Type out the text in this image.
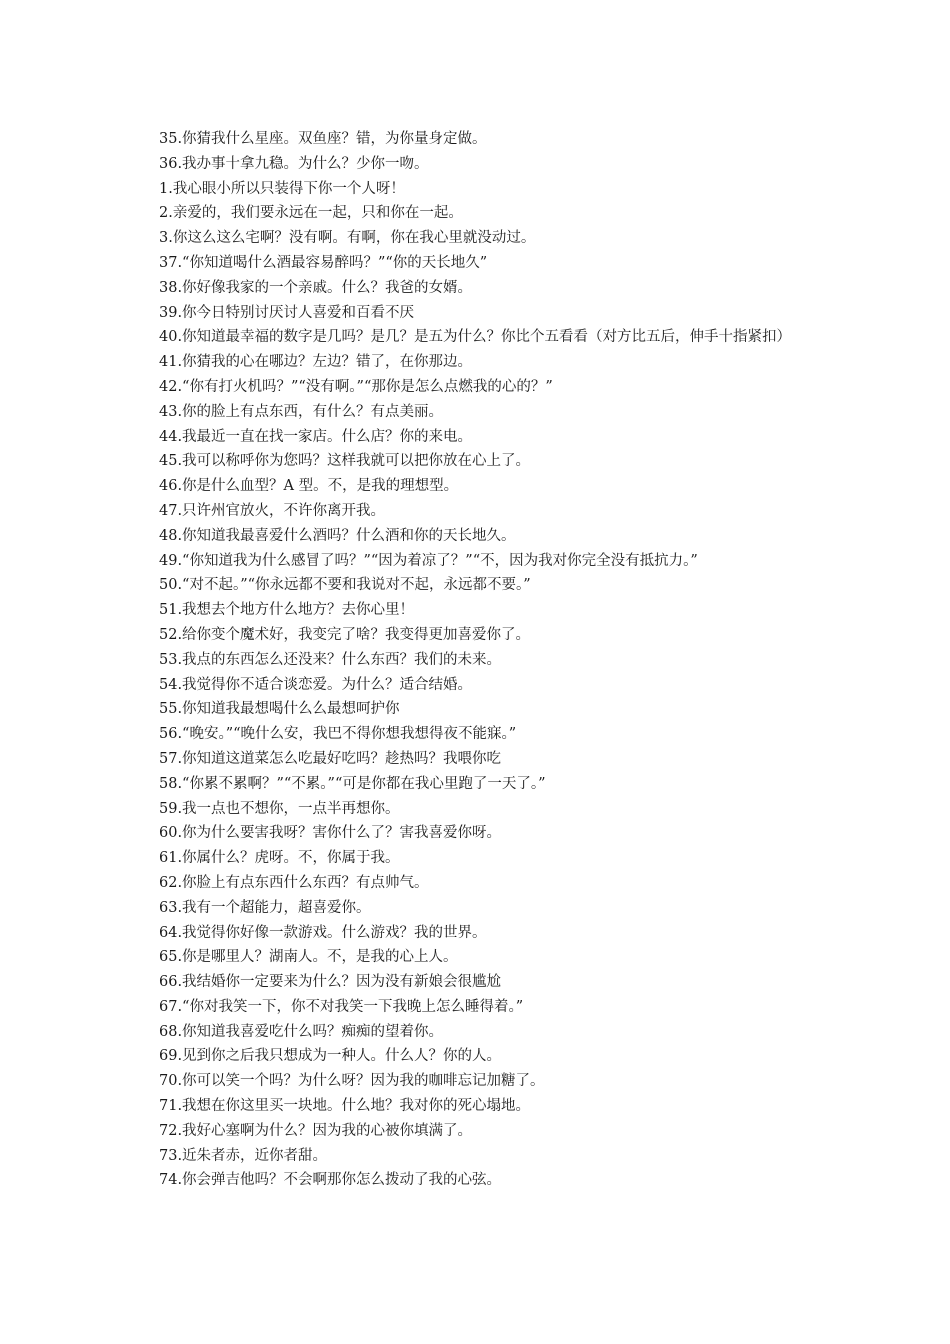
35.你猜我什么星座。双鱼座？错，为你量身定做。

36.我办事十拿九稳。为什么？少你一吻。

1.我心眼小所以只装得下你一个人呀！

2.亲爱的，我们要永远在一起，只和你在一起。

3.你这么这么宅啊？没有啊。有啊，你在我心里就没动过。

37.“你知道喝什么酒最容易醉吗？”“你的天长地久”

38.你好像我家的一个亲戚。什么？我爸的女婿。

39.你今日特别讨厌讨人喜爱和百看不厌

40.你知道最幸福的数字是几吗？是几？是五为什么？你比个五看看（对方比五后，伸手十指紧扣）

41.你猜我的心在哪边？左边？错了，在你那边。

42.“你有打火机吗？”“没有啊。”“那你是怎么点燃我的心的？”

43.你的脸上有点东西，有什么？有点美丽。

44.我最近一直在找一家店。什么店？你的来电。

45.我可以称呼你为您吗？这样我就可以把你放在心上了。

46.你是什么血型？A 型。不，是我的理想型。

47.只许州官放火，不许你离开我。

48.你知道我最喜爱什么酒吗？什么酒和你的天长地久。

49.“你知道我为什么感冒了吗？”“因为着凉了？”“不，因为我对你完全没有抵抗力。”

50.“对不起。”“你永远都不要和我说对不起，永远都不要。”

51.我想去个地方什么地方？去你心里！

52.给你变个魔术好，我变完了啥？我变得更加喜爱你了。

53.我点的东西怎么还没来？什么东西？我们的未来。

54.我觉得你不适合谈恋爱。为什么？适合结婚。

55.你知道我最想喝什么么最想呵护你

56.“晚安。”“晚什么安，我巴不得你想我想得夜不能寐。”

57.你知道这道菜怎么吃最好吃吗？趁热吗？我喂你吃

58.“你累不累啊？”“不累。”“可是你都在我心里跑了一天了。”

59.我一点也不想你，一点半再想你。

60.你为什么要害我呀？害你什么了？害我喜爱你呀。

61.你属什么？虎呀。不，你属于我。

62.你脸上有点东西什么东西？有点帅气。

63.我有一个超能力，超喜爱你。

64.我觉得你好像一款游戏。什么游戏？我的世界。

65.你是哪里人？湖南人。不，是我的心上人。

66.我结婚你一定要来为什么？因为没有新娘会很尴尬

67.“你对我笑一下，你不对我笑一下我晚上怎么睡得着。”

68.你知道我喜爱吃什么吗？痴痴的望着你。

69.见到你之后我只想成为一种人。什么人？你的人。

70.你可以笑一个吗？为什么呀？因为我的咖啡忘记加糖了。

71.我想在你这里买一块地。什么地？我对你的死心塌地。

72.我好心塞啊为什么？因为我的心被你填满了。

73.近朱者赤，近你者甜。

74.你会弹吉他吗？不会啊那你怎么拨动了我的心弦。
